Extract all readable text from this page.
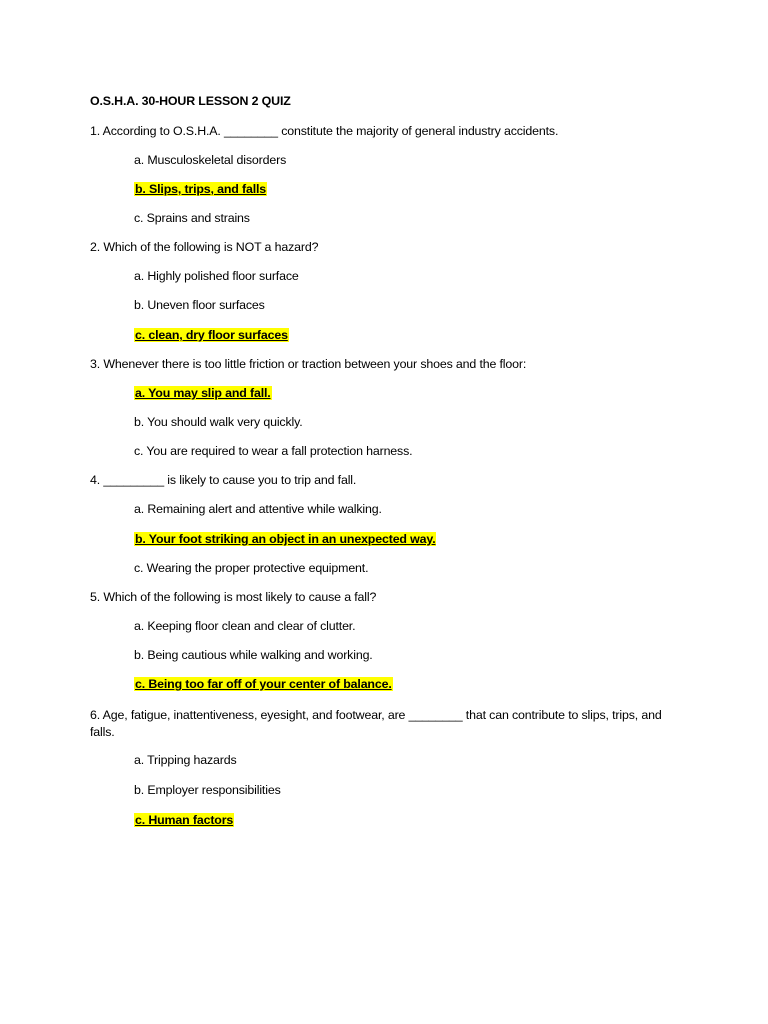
O.S.H.A. 30-HOUR LESSON 2 QUIZ
1. According to O.S.H.A. ________ constitute the majority of general industry accidents.
a. Musculoskeletal disorders
b. Slips, trips, and falls
c. Sprains and strains
2. Which of the following is NOT a hazard?
a. Highly polished floor surface
b. Uneven floor surfaces
c. clean, dry floor surfaces
3. Whenever there is too little friction or traction between your shoes and the floor:
a. You may slip and fall.
b. You should walk very quickly.
c. You are required to wear a fall protection harness.
4. _________ is likely to cause you to trip and fall.
a. Remaining alert and attentive while walking.
b. Your foot striking an object in an unexpected way.
c. Wearing the proper protective equipment.
5. Which of the following is most likely to cause a fall?
a. Keeping floor clean and clear of clutter.
b. Being cautious while walking and working.
c. Being too far off of your center of balance.
6. Age, fatigue, inattentiveness, eyesight, and footwear, are ________ that can contribute to slips, trips, and falls.
a. Tripping hazards
b. Employer responsibilities
c. Human factors
